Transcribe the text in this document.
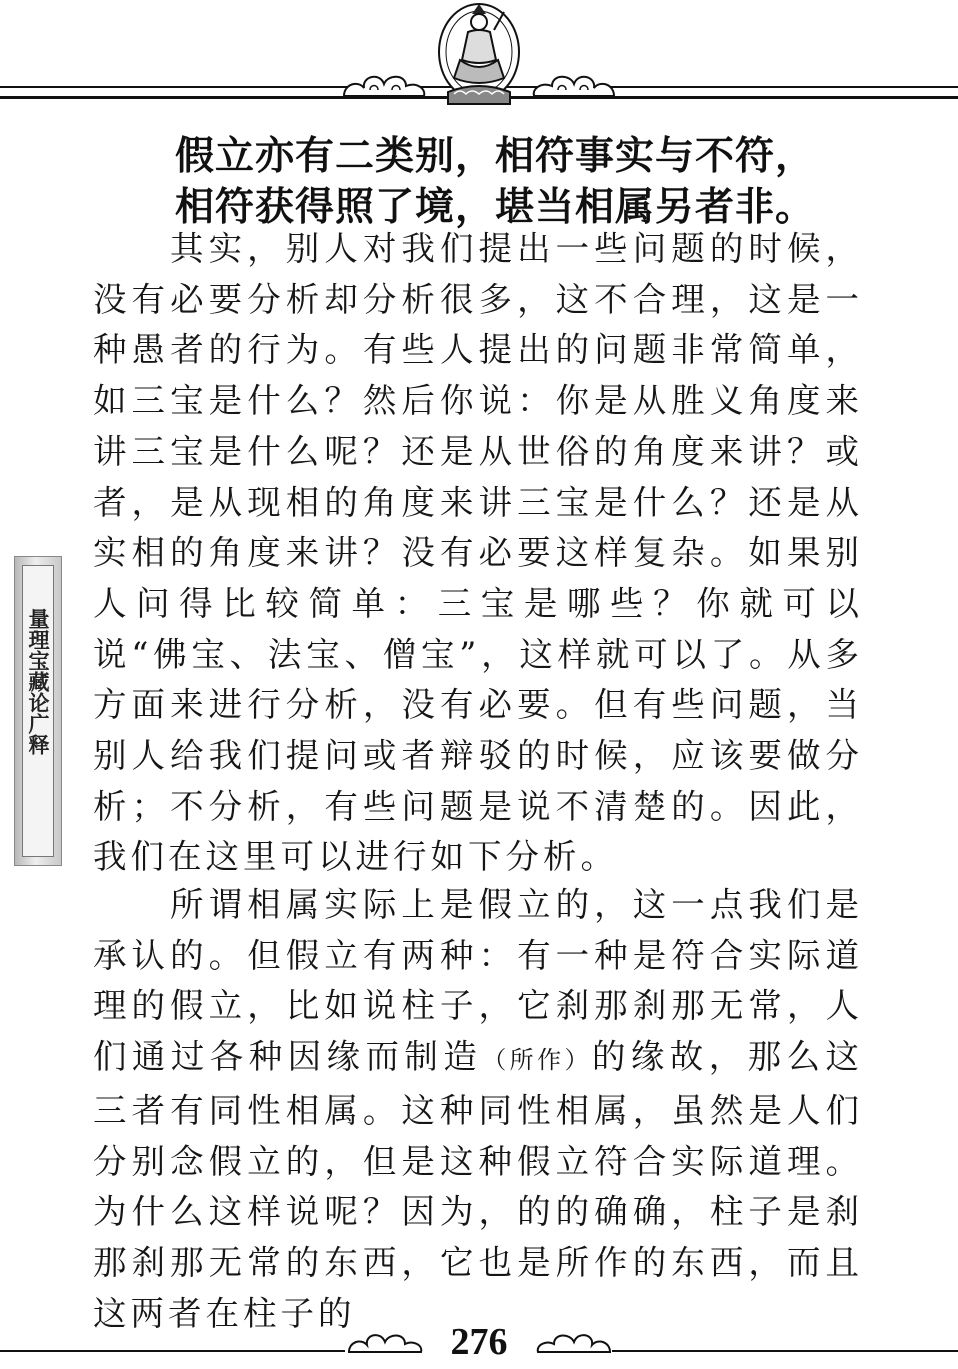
量理宝藏论广释
假立亦有二类别，相符事实与不符，
相符获得照了境，堪当相属另者非。

其实，别人对我们提出一些问题的时候，没有必要分析却分析很多，这不合理，这是一种愚者的行为。有些人提出的问题非常简单，如三宝是什么？然后你说：你是从胜义角度来讲三宝是什么呢？还是从世俗的角度来讲？或者，是从现相的角度来讲三宝是什么？还是从实相的角度来讲？没有必要这样复杂。如果别人问得比较简单：三宝是哪些？你就可以说“佛宝、法宝、僧宝”，这样就可以了。从多方面来进行分析，没有必要。但有些问题，当别人给我们提问或者辩驳的时候，应该要做分析；不分析，有些问题是说不清楚的。因此，我们在这里可以进行如下分析。

所谓相属实际上是假立的，这一点我们是承认的。但假立有两种：有一种是符合实际道理的假立，比如说柱子，它刹那刹那无常，人们通过各种因缘而制造（所作）的缘故，那么这三者有同性相属。这种同性相属，虽然是人们分别念假立的，但是这种假立符合实际道理。为什么这样说呢？因为，的的确确，柱子是刹那刹那无常的东西，它也是所作的东西，而且这两者在柱子的

276
